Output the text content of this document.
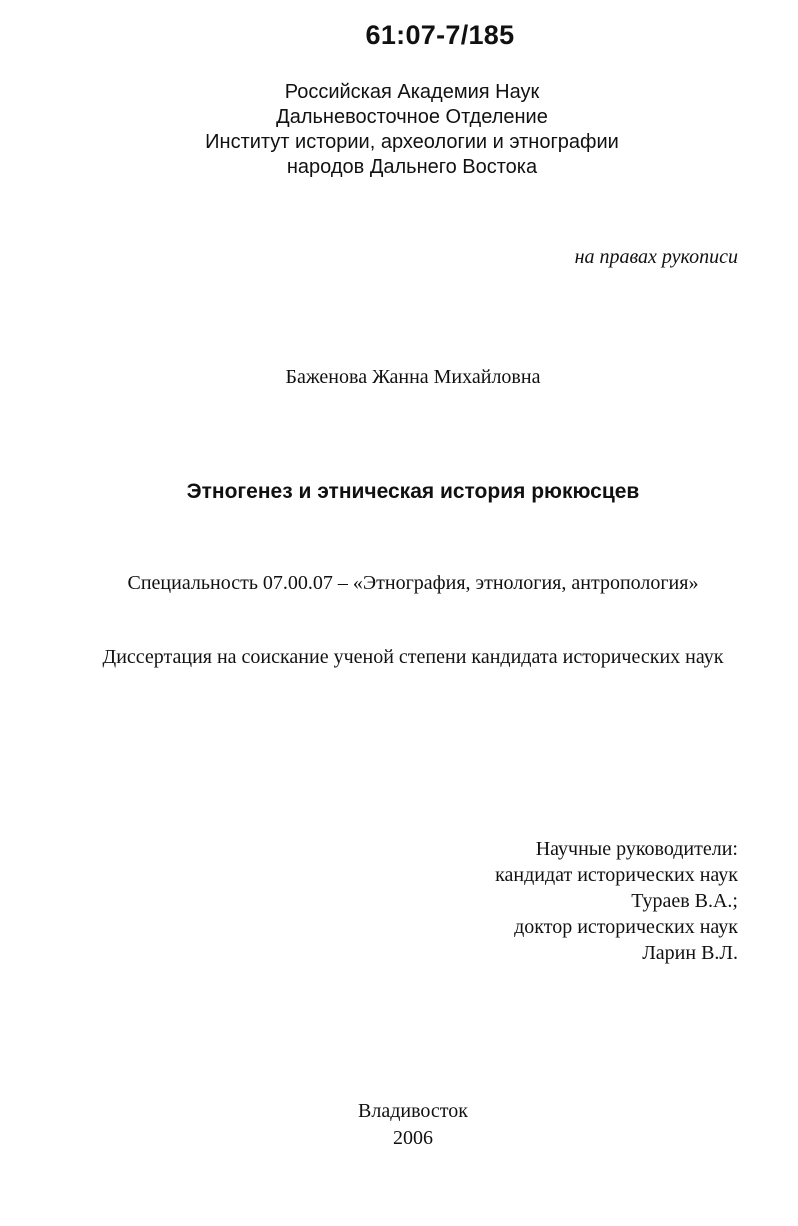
61:07-7/185
Российская Академия Наук
Дальневосточное Отделение
Институт истории, археологии и этнографии
народов Дальнего Востока
на правах рукописи
Баженова Жанна Михайловна
Этногенез и этническая история рюкюсцев
Специальность 07.00.07 – «Этнография, этнология, антропология»
Диссертация на соискание ученой степени кандидата исторических наук
Научные руководители:
кандидат исторических наук
Тураев В.А.;
доктор исторических наук
Ларин В.Л.
Владивосток
2006
